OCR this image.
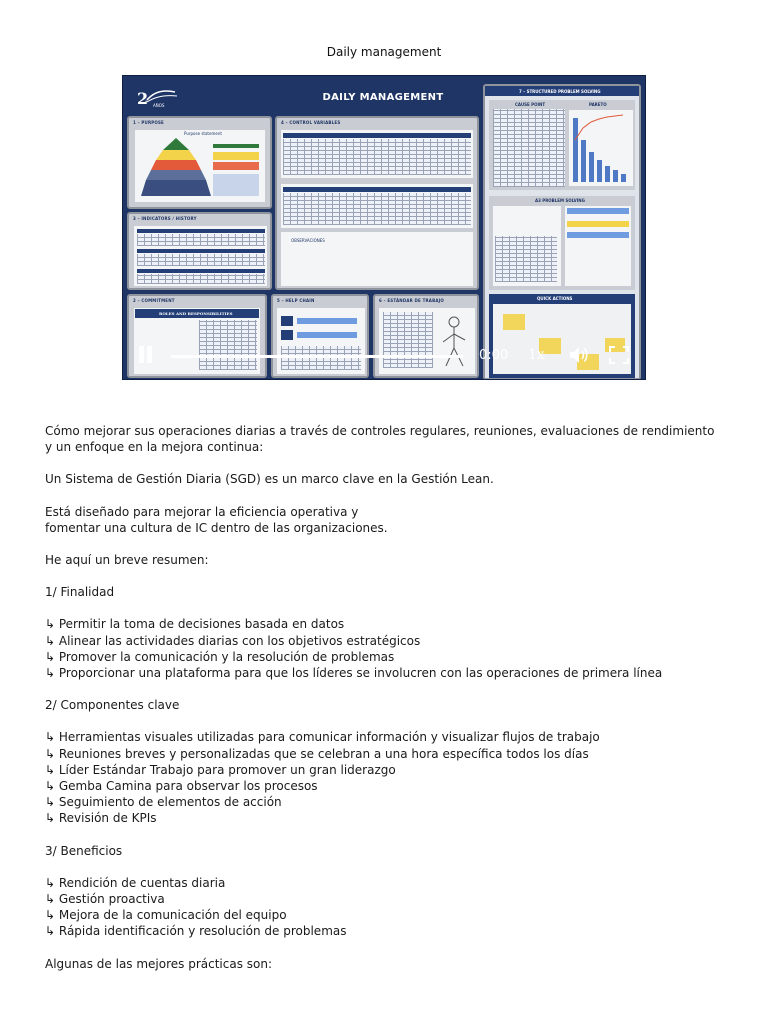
Daily management
2 AÑOS
DAILY MANAGEMENT
1 – PURPOSE
Purpose statement
3 – INDICATORS / HISTORY
2 – COMMITMENT
ROLES AND RESPONSIBILITIES
4 – CONTROL VARIABLES
OBSERVACIONES
5 – HELP CHAIN	6 – ESTÁNDAR DE TRABAJO
7 – STRUCTURED PROBLEM SOLVING
CAUSE POINT	PARETO
A3 PROBLEM SOLVING
QUICK ACTIONS
0:00 1x

Cómo mejorar sus operaciones diarias a través de controles regulares, reuniones, evaluaciones de rendimiento y un enfoque en la mejora continua:

Un Sistema de Gestión Diaria (SGD) es un marco clave en la Gestión Lean.

Está diseñado para mejorar la eficiencia operativa y
fomentar una cultura de IC dentro de las organizaciones.

He aquí un breve resumen:

1/ Finalidad

↳ Permitir la toma de decisiones basada en datos
↳ Alinear las actividades diarias con los objetivos estratégicos
↳ Promover la comunicación y la resolución de problemas
↳ Proporcionar una plataforma para que los líderes se involucren con las operaciones de primera línea

2/ Componentes clave

↳ Herramientas visuales utilizadas para comunicar información y visualizar flujos de trabajo
↳ Reuniones breves y personalizadas que se celebran a una hora específica todos los días
↳ Líder Estándar Trabajo para promover un gran liderazgo
↳ Gemba Camina para observar los procesos
↳ Seguimiento de elementos de acción
↳ Revisión de KPIs

3/ Beneficios

↳ Rendición de cuentas diaria
↳ Gestión proactiva
↳ Mejora de la comunicación del equipo
↳ Rápida identificación y resolución de problemas

Algunas de las mejores prácticas son:
